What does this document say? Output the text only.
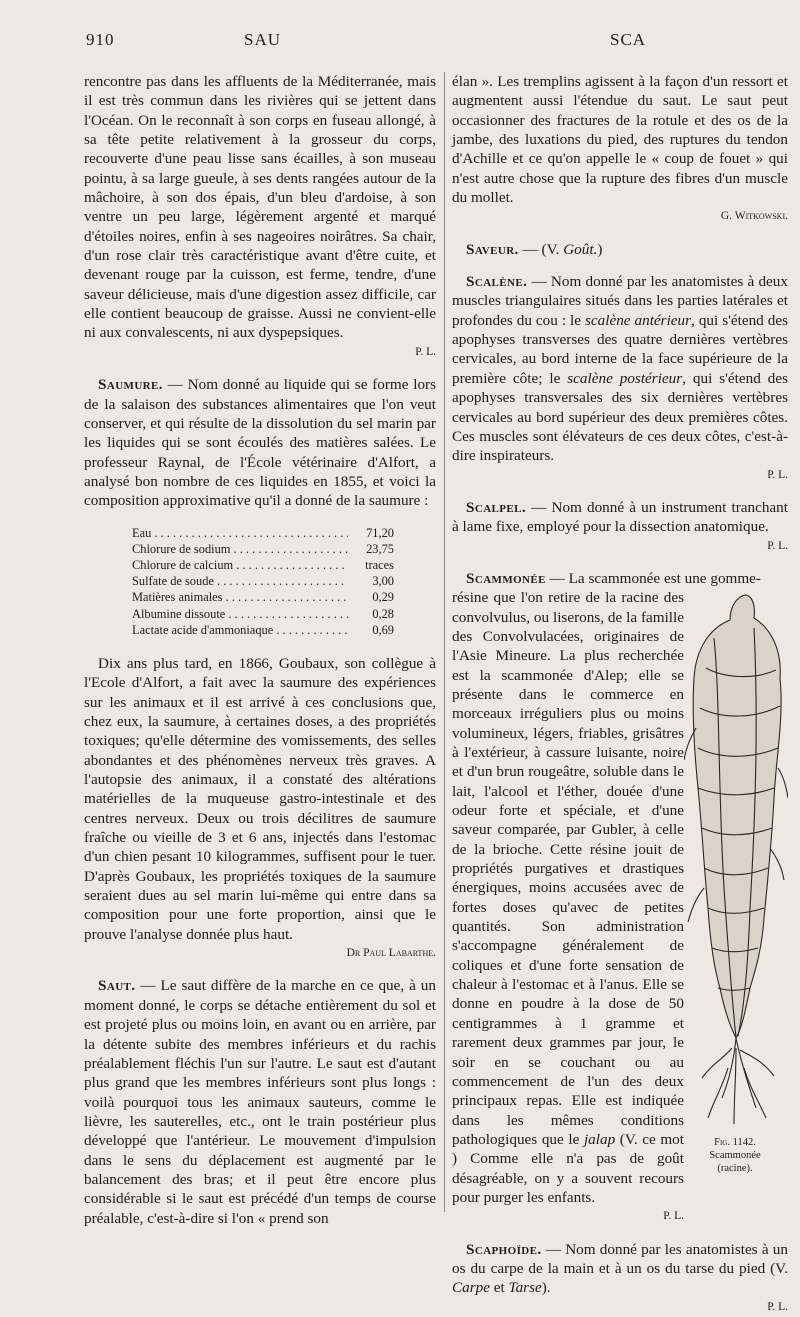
910	SAU	SCA

rencontre pas dans les affluents de la Méditerranée, mais il est très commun dans les rivières qui se jettent dans l'Océan. On le reconnaît à son corps en fuseau allongé, à sa tête petite relativement à la grosseur du corps, recouverte d'une peau lisse sans écailles, à son museau pointu, à sa large gueule, à ses dents rangées autour de la mâchoire, à son dos épais, d'un bleu d'ardoise, à son ventre un peu large, légèrement argenté et marqué d'étoiles noires, enfin à ses nageoires noirâtres. Sa chair, d'un rose clair très caractéristique avant d'être cuite, et devenant rouge par la cuisson, est ferme, tendre, d'une saveur délicieuse, mais d'une digestion assez difficile, car elle contient beaucoup de graisse. Aussi ne convient-elle ni aux convalescents, ni aux dyspepsiques.

P. L.

Saumure. — Nom donné au liquide qui se forme lors de la salaison des substances alimentaires que l'on veut conserver, et qui résulte de la dissolution du sel marin par les liquides qui se sont écoulés des matières salées. Le professeur Raynal, de l'École vétérinaire d'Alfort, a analysé bon nombre de ces liquides en 1855, et voici la composition approximative qu'il a donné de la saumure :

Eau . . .	71,20
Chlorure de sodium . . .	23,75
Chlorure de calcium . . .	traces
Sulfate de soude . . .	3,00
Matières animales . . .	0,29
Albumine dissoute . . .	0,28
Lactate acide d'ammoniaque . . .	0,69

Dix ans plus tard, en 1866, Goubaux, son collègue à l'Ecole d'Alfort, a fait avec la saumure des expériences sur les animaux et il est arrivé à ces conclusions que, chez eux, la saumure, à certaines doses, a des propriétés toxiques; qu'elle détermine des vomissements, des selles abondantes et des phénomènes nerveux très graves. A l'autopsie des animaux, il a constaté des altérations matérielles de la muqueuse gastro-intestinale et des centres nerveux. Deux ou trois décilitres de saumure fraîche ou vieille de 3 et 6 ans, injectés dans l'estomac d'un chien pesant 10 kilogrammes, suffisent pour le tuer. D'après Goubaux, les propriétés toxiques de la saumure seraient dues au sel marin lui-même qui entre dans sa composition pour une forte proportion, ainsi que le prouve l'analyse donnée plus haut.

Dr Paul Labarthe.

Saut. — Le saut diffère de la marche en ce que, à un moment donné, le corps se détache entièrement du sol et est projeté plus ou moins loin, en avant ou en arrière, par la détente subite des membres inférieurs et du rachis préalablement fléchis l'un sur l'autre. Le saut est d'autant plus grand que les membres inférieurs sont plus longs : voilà pourquoi tous les animaux sauteurs, comme le lièvre, les sauterelles, etc., ont le train postérieur plus développé que l'antérieur. Le mouvement d'impulsion dans le sens du déplacement est augmenté par le balancement des bras; et il peut être encore plus considérable si le saut est précédé d'un temps de course préalable, c'est-à-dire si l'on « prend son

élan ». Les tremplins agissent à la façon d'un ressort et augmentent aussi l'étendue du saut. Le saut peut occasionner des fractures de la rotule et des os de la jambe, des luxations du pied, des ruptures du tendon d'Achille et ce qu'on appelle le « coup de fouet » qui n'est autre chose que la rupture des fibres d'un muscle du mollet.

G. Witkowski.

Saveur. — (V. Goût.)

Scalène. — Nom donné par les anatomistes à deux muscles triangulaires situés dans les parties latérales et profondes du cou : le scalène antérieur, qui s'étend des apophyses transverses des quatre dernières vertèbres cervicales, au bord interne de la face supérieure de la première côte; le scalène postérieur, qui s'étend des apophyses transversales des six dernières vertèbres cervicales au bord supérieur des deux premières côtes. Ces muscles sont élévateurs de ces deux côtes, c'est-à-dire inspirateurs.

P. L.

Scalpel. — Nom donné à un instrument tranchant à lame fixe, employé pour la dissection anatomique.

P. L.

Scammonée — La scammonée est une gomme-

résine que l'on retire de la racine des convolvulus, ou liserons, de la famille des Convolvulacées, originaires de l'Asie Mineure. La plus recherchée est la scammonée d'Alep; elle se présente dans le commerce en morceaux irréguliers plus ou moins volumineux, légers, friables, grisâtres à l'extérieur, à cassure luisante, noire et d'un brun rougeâtre, soluble dans le lait, l'alcool et l'éther, douée d'une odeur forte et spéciale, et d'une saveur comparée, par Gubler, à celle de la brioche. Cette résine jouit de propriétés purgatives et drastiques énergiques, moins accusées avec de fortes doses qu'avec de petites quantités. Son administration s'accompagne généralement de coliques et d'une forte sensation de chaleur à l'estomac et à l'anus. Elle se donne en poudre à la dose de 50 centigrammes à 1 gramme et rarement deux grammes par jour, le soir en se couchant ou au commencement de l'un des deux principaux repas. Elle est indiquée dans les mêmes conditions pathologiques que le jalap (V. ce mot ) Comme elle n'a pas de goût désagréable, on y a souvent recours pour purger les enfants.

P. L.

Fig. 1142.
Scammonée (racine).

Scaphoïde. — Nom donné par les anatomistes à un os du carpe de la main et à un os du tarse du pied (V. Carpe et Tarse).

P. L.
